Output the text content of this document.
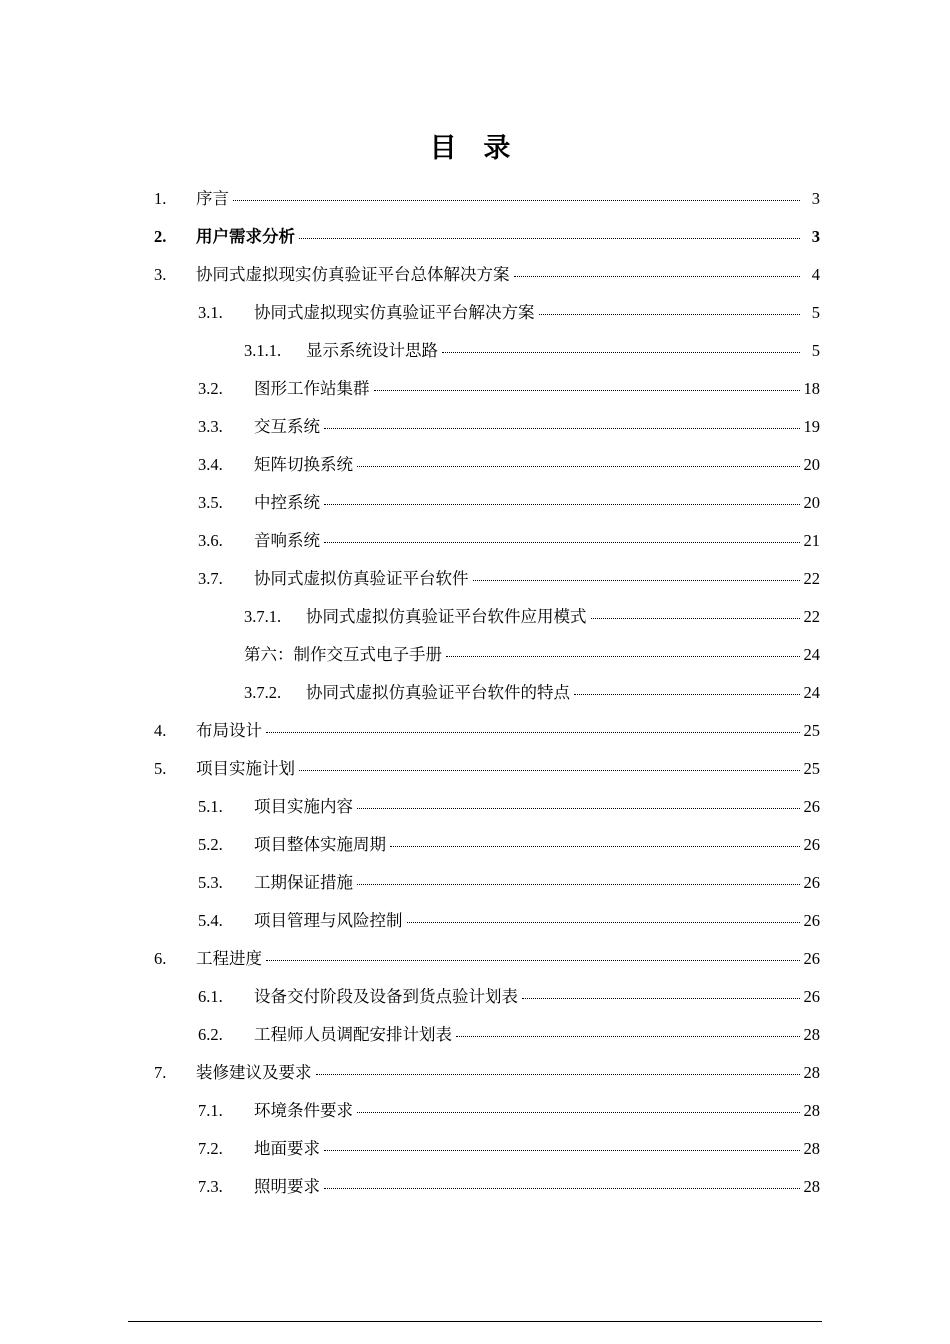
目 录
1.	序言	3
2.	用户需求分析	3
3.	协同式虚拟现实仿真验证平台总体解决方案	4
3.1.	协同式虚拟现实仿真验证平台解决方案	5
3.1.1.	显示系统设计思路	5
3.2.	图形工作站集群	18
3.3.	交互系统	19
3.4.	矩阵切换系统	20
3.5.	中控系统	20
3.6.	音响系统	21
3.7.	协同式虚拟仿真验证平台软件	22
3.7.1.	协同式虚拟仿真验证平台软件应用模式	22
第六：制作交互式电子手册	24
3.7.2.	协同式虚拟仿真验证平台软件的特点	24
4.	布局设计	25
5.	项目实施计划	25
5.1.	项目实施内容	26
5.2.	项目整体实施周期	26
5.3.	工期保证措施	26
5.4.	项目管理与风险控制	26
6.	工程进度	26
6.1.	设备交付阶段及设备到货点验计划表	26
6.2.	工程师人员调配安排计划表	28
7.	装修建议及要求	28
7.1.	环境条件要求	28
7.2.	地面要求	28
7.3.	照明要求	28
